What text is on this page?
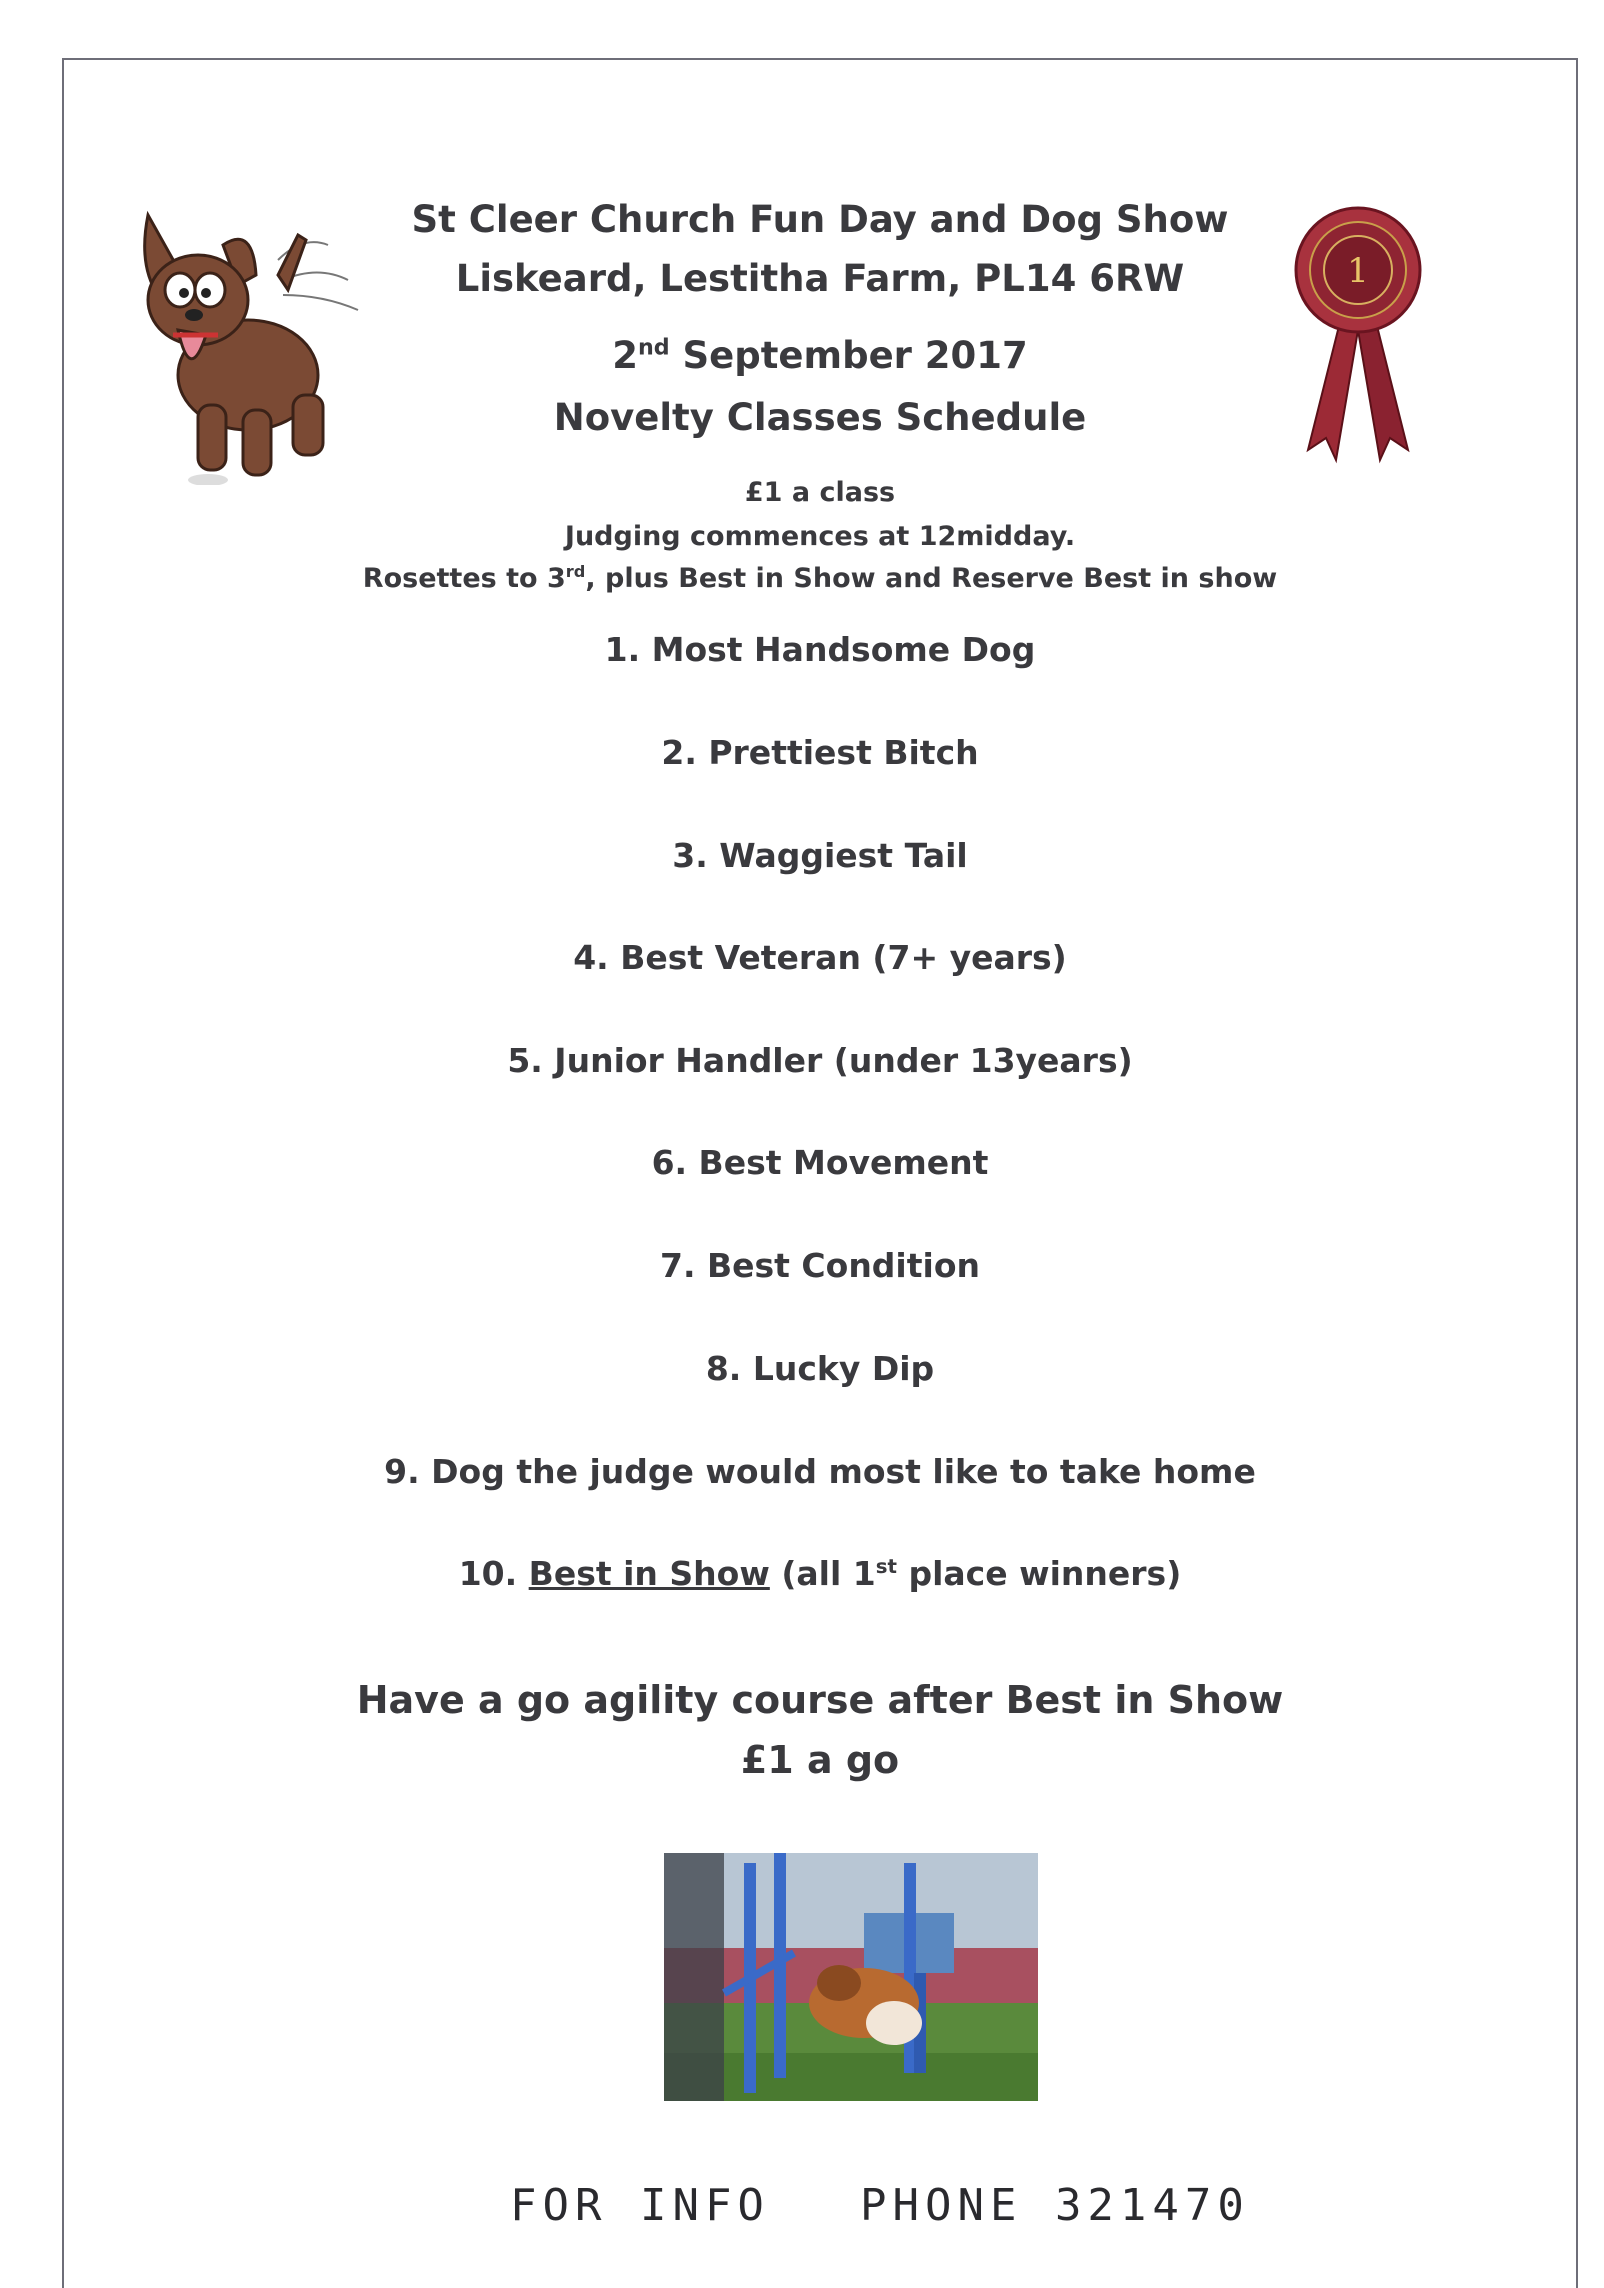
1
St Cleer Church Fun Day and Dog Show
Liskeard, Lestitha Farm, PL14 6RW
2nd September 2017
Novelty Classes Schedule
£1 a class
Judging commences at 12midday.
Rosettes to 3rd, plus Best in Show and Reserve Best in show
1. Most Handsome Dog
2. Prettiest Bitch
3. Waggiest Tail
4. Best Veteran (7+ years)
5. Junior Handler (under 13years)
6. Best Movement
7. Best Condition
8. Lucky Dip
9. Dog the judge would most like to take home
10. Best in Show (all 1st place winners)
Have a go agility course after Best in Show
£1 a go
FOR INFO PHONE 321470
